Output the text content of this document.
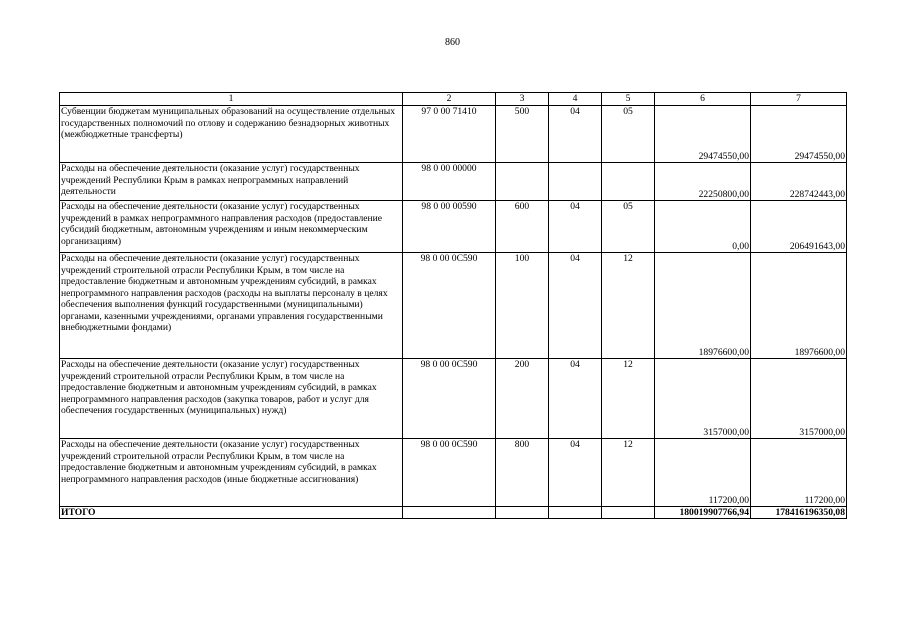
860
1	2	3	4	5	6	7
Субвенции бюджетам муниципальных образований на осуществление отдельных государственных полномочий по отлову и содержанию безнадзорных животных (межбюджетные трансферты)	97 0 00 71410	500	04	05	29474550,00	29474550,00
Расходы на обеспечение деятельности (оказание услуг) государственных учреждений Республики Крым в рамках непрограммных направлений деятельности	98 0 00 00000				22250800,00	228742443,00
Расходы на обеспечение деятельности (оказание услуг) государственных учреждений в рамках непрограммного направления расходов (предоставление субсидий бюджетным, автономным учреждениям и иным некоммерческим организациям)	98 0 00 00590	600	04	05	0,00	206491643,00
Расходы на обеспечение деятельности (оказание услуг) государственных учреждений строительной отрасли Республики Крым, в том числе на предоставление бюджетным и автономным учреждениям субсидий, в рамках непрограммного направления расходов (расходы на выплаты персоналу в целях обеспечения выполнения функций государственными (муниципальными) органами, казенными учреждениями, органами управления государственными внебюджетными фондами)	98 0 00 0С590	100	04	12	18976600,00	18976600,00
Расходы на обеспечение деятельности (оказание услуг) государственных учреждений строительной отрасли Республики Крым, в том числе на предоставление бюджетным и автономным учреждениям субсидий, в рамках непрограммного направления расходов (закупка товаров, работ и услуг для обеспечения государственных (муниципальных) нужд)	98 0 00 0С590	200	04	12	3157000,00	3157000,00
Расходы на обеспечение деятельности (оказание услуг) государственных учреждений строительной отрасли Республики Крым, в том числе на предоставление бюджетным и автономным учреждениям субсидий, в рамках непрограммного направления расходов (иные бюджетные ассигнования)	98 0 00 0С590	800	04	12	117200,00	117200,00
ИТОГО					180019907766,94	178416196350,08
